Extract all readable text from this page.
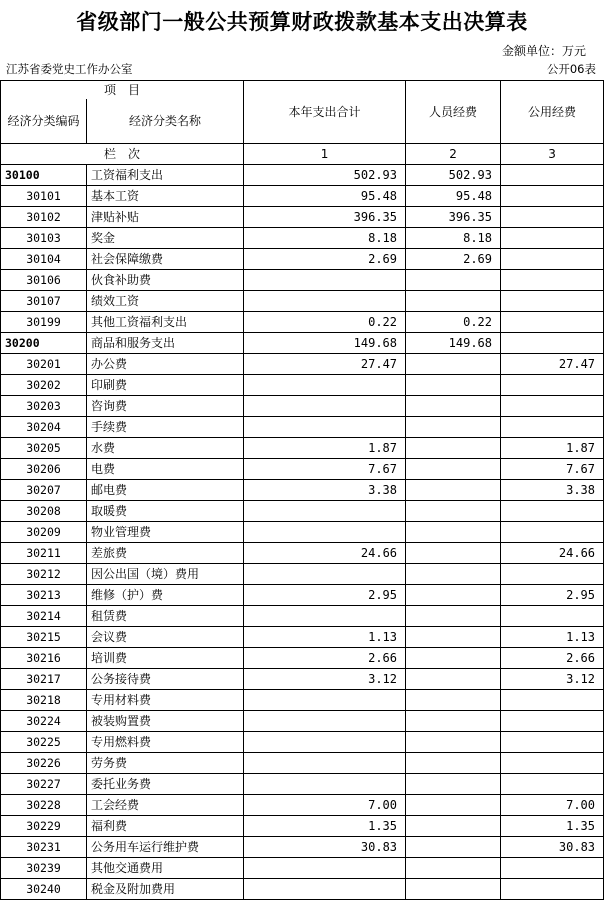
省级部门一般公共预算财政拨款基本支出决算表
金额单位：万元
江苏省委党史工作办公室	公开06表
项　目		本年支出合计	人员经费	公用经费
经济分类编码	经济分类名称			
栏　次		1	2	3
30100	工资福利支出	502.93	502.93	
30101	基本工资	95.48	95.48	
30102	津贴补贴	396.35	396.35	
30103	奖金	8.18	8.18	
30104	社会保障缴费	2.69	2.69	
30106	伙食补助费			
30107	绩效工资			
30199	其他工资福利支出	0.22	0.22	
30200	商品和服务支出	149.68	149.68	
30201	办公费	27.47		27.47
30202	印刷费			
30203	咨询费			
30204	手续费			
30205	水费	1.87		1.87
30206	电费	7.67		7.67
30207	邮电费	3.38		3.38
30208	取暖费			
30209	物业管理费			
30211	差旅费	24.66		24.66
30212	因公出国（境）费用			
30213	维修（护）费	2.95		2.95
30214	租赁费			
30215	会议费	1.13		1.13
30216	培训费	2.66		2.66
30217	公务接待费	3.12		3.12
30218	专用材料费			
30224	被装购置费			
30225	专用燃料费			
30226	劳务费			
30227	委托业务费			
30228	工会经费	7.00		7.00
30229	福利费	1.35		1.35
30231	公务用车运行维护费	30.83		30.83
30239	其他交通费用			
30240	税金及附加费用			
